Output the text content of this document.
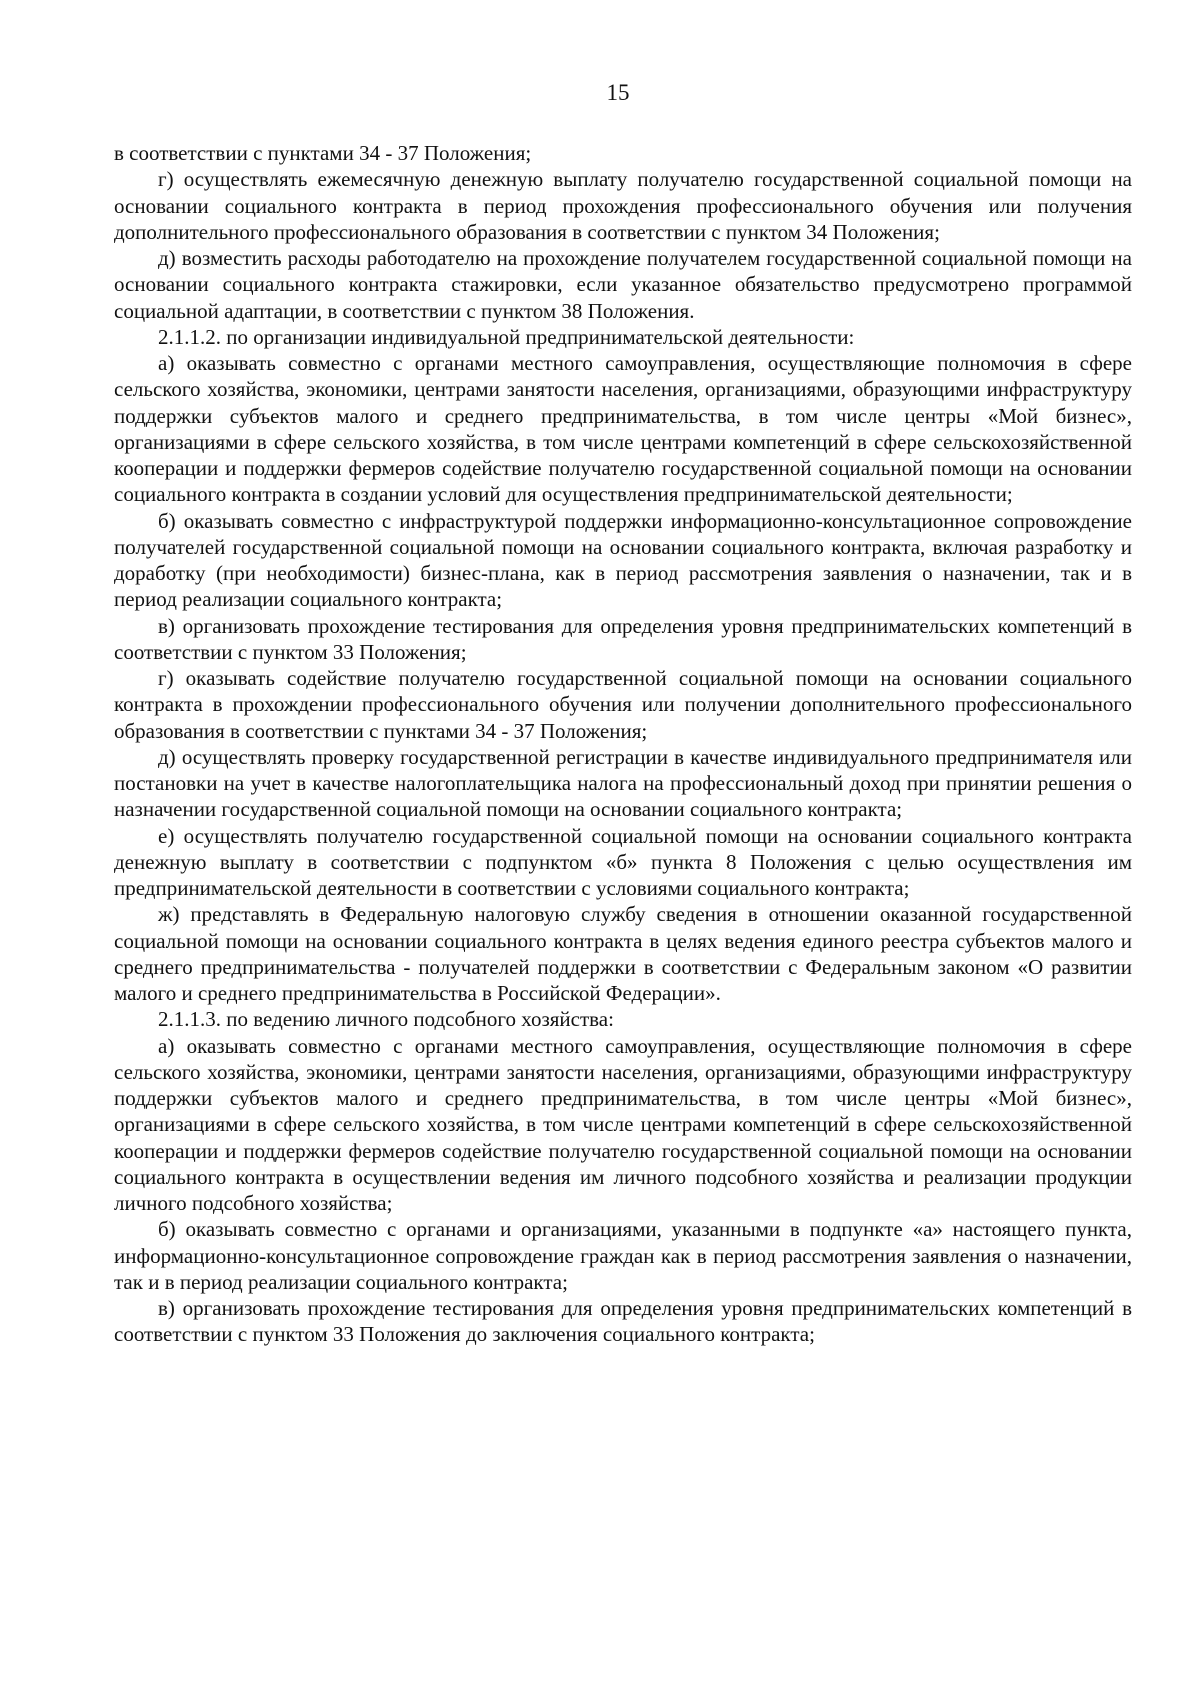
15

в соответствии с пунктами 34 - 37 Положения;

г) осуществлять ежемесячную денежную выплату получателю государственной социальной помощи на основании социального контракта в период прохождения профессионального обучения или получения дополнительного профессионального образования в соответствии с пунктом 34 Положения;

д) возместить расходы работодателю на прохождение получателем государственной социальной помощи на основании социального контракта стажировки, если указанное обязательство предусмотрено программой социальной адаптации, в соответствии с пунктом 38 Положения.

2.1.1.2. по организации индивидуальной предпринимательской деятельности:

а) оказывать совместно с органами местного самоуправления, осуществляющие полномочия в сфере сельского хозяйства, экономики, центрами занятости населения, организациями, образующими инфраструктуру поддержки субъектов малого и среднего предпринимательства, в том числе центры «Мой бизнес», организациями в сфере сельского хозяйства, в том числе центрами компетенций в сфере сельскохозяйственной кооперации и поддержки фермеров содействие получателю государственной социальной помощи на основании социального контракта в создании условий для осуществления предпринимательской деятельности;

б) оказывать совместно с инфраструктурой поддержки информационно-консультационное сопровождение получателей государственной социальной помощи на основании социального контракта, включая разработку и доработку (при необходимости) бизнес-плана, как в период рассмотрения заявления о назначении, так и в период реализации социального контракта;

в) организовать прохождение тестирования для определения уровня предпринимательских компетенций в соответствии с пунктом 33 Положения;

г) оказывать содействие получателю государственной социальной помощи на основании социального контракта в прохождении профессионального обучения или получении дополнительного профессионального образования в соответствии с пунктами 34 - 37 Положения;

д) осуществлять проверку государственной регистрации в качестве индивидуального предпринимателя или постановки на учет в качестве налогоплательщика налога на профессиональный доход при принятии решения о назначении государственной социальной помощи на основании социального контракта;

е) осуществлять получателю государственной социальной помощи на основании социального контракта денежную выплату в соответствии с подпунктом «б» пункта 8 Положения с целью осуществления им предпринимательской деятельности в соответствии с условиями социального контракта;

ж) представлять в Федеральную налоговую службу сведения в отношении оказанной государственной социальной помощи на основании социального контракта в целях ведения единого реестра субъектов малого и среднего предпринимательства - получателей поддержки в соответствии с Федеральным законом «О развитии малого и среднего предпринимательства в Российской Федерации».

2.1.1.3. по ведению личного подсобного хозяйства:

а) оказывать совместно с органами местного самоуправления, осуществляющие полномочия в сфере сельского хозяйства, экономики, центрами занятости населения, организациями, образующими инфраструктуру поддержки субъектов малого и среднего предпринимательства, в том числе центры «Мой бизнес», организациями в сфере сельского хозяйства, в том числе центрами компетенций в сфере сельскохозяйственной кооперации и поддержки фермеров содействие получателю государственной социальной помощи на основании социального контракта в осуществлении ведения им личного подсобного хозяйства и реализации продукции личного подсобного хозяйства;

б) оказывать совместно с органами и организациями, указанными в подпункте «а» настоящего пункта, информационно-консультационное сопровождение граждан как в период рассмотрения заявления о назначении, так и в период реализации социального контракта;

в) организовать прохождение тестирования для определения уровня предпринимательских компетенций в соответствии с пунктом 33 Положения до заключения социального контракта;
